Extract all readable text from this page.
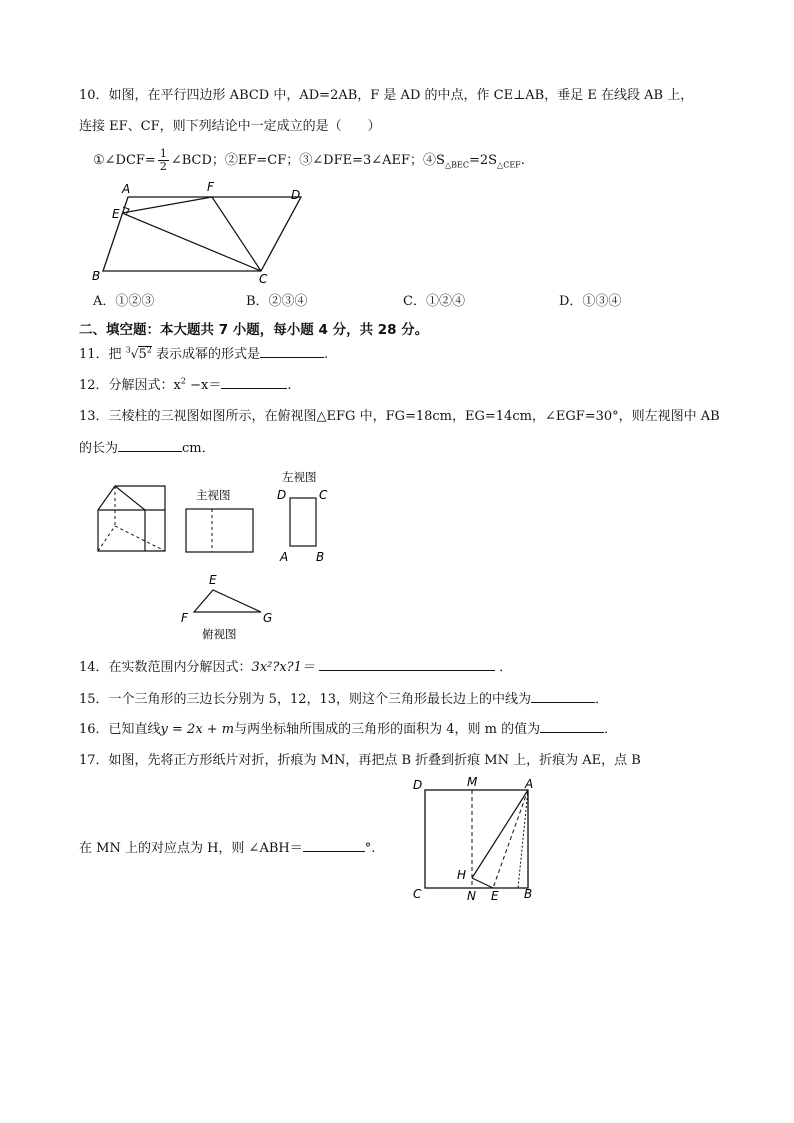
10．如图，在平行四边形 ABCD 中，AD=2AB，F 是 AD 的中点，作 CE⊥AB，垂足 E 在线段 AB 上，
连接 EF、CF，则下列结论中一定成立的是（　　）
①∠DCF= $\frac{1}{2}$ ∠BCD；②EF=CF；③∠DFE=3∠AEF；$④S_{\triangle BEC}=2S_{\triangle CEF}$.
A	F
D
E
B	C
A．①②③	B．②③④	C．①②④	D．①③④
二、填空题：本大题共 7 小题，每小题 4 分，共 28 分。
11．把 $^3√5^2$ 表示成幂的形式是	.
12．分解因式：$x^2 -x=$	.
13．三棱柱的三视图如图所示，在俯视图△EFG 中，FG=18cm，EG=14cm，∠EGF=30°，则左视图中 AB
的长为	cm．
主视图
左视图
D	C
A B
E
F	G
俯视图
14．在实数范围内分解因式：3x²?x?1＝	．
15．一个三角形的三边长分别为 5，12，13，则这个三角形最长边上的中线为	．
16．已知直线y = 2x + m与两坐标轴所围成的三角形的面积为 4，则 m 的值为	．
17．如图，先将正方形纸片对折，折痕为 MN，再把点 B 折叠到折痕 MN 上，折痕为 AE，点 B
在 MN 上的对应点为 H，则 ∠ABH＝	°.
D	M	A
H
C	N E B
